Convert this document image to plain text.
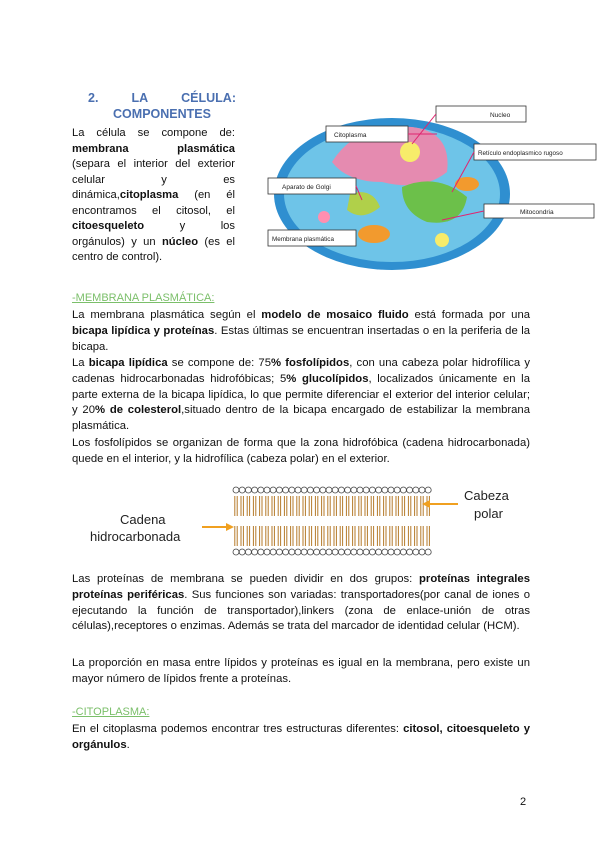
2.	LA	CÉLULA:
COMPONENTES
La célula se compone de:
membrana	plasmática
(separa el interior del exterior
celular	y	es
dinámica,citoplasma (en él
encontramos el citosol, el
citoesqueleto	y	los
orgánulos) y un núcleo (es el
centro de control).
Nucleo
Citoplasma
Retículo endoplasmico rugoso
Aparato de Golgi
Mitocondria
Membrana plasmática
-MEMBRANA PLASMÁTICA:
La membrana plasmática según el modelo de mosaico fluido está formada por una bicapa lipídica y proteínas. Estas últimas se encuentran insertadas o en la periferia de la bicapa.
La bicapa lipídica se compone de: 75% fosfolípidos, con una cabeza polar hidrofílica y cadenas hidrocarbonadas hidrofóbicas; 5% glucolípidos, localizados únicamente en la parte externa de la bicapa lipídica, lo que permite diferenciar el exterior del interior celular; y 20% de colesterol,situado dentro de la bicapa encargado de estabilizar la membrana plasmática.
Los fosfolípidos se organizan de forma que la zona hidrofóbica (cadena hidrocarbonada) quede en el interior, y la hidrofílica (cabeza polar) en el exterior.
Cabeza
polar
Cadena
hidrocarbonada
Las proteínas de membrana se pueden dividir en dos grupos: proteínas integrales proteínas periféricas. Sus funciones son variadas: transportadores(por canal de iones o ejecutando la función de transportador),linkers (zona de enlace-unión de otras células),receptores o enzimas. Además se trata del marcador de identidad celular (HCM).
La proporción en masa entre lípidos y proteínas es igual en la membrana, pero existe un mayor número de lípidos frente a proteínas.
-CITOPLASMA:
En el citoplasma podemos encontrar tres estructuras diferentes: citosol, citoesqueleto y orgánulos.
2
